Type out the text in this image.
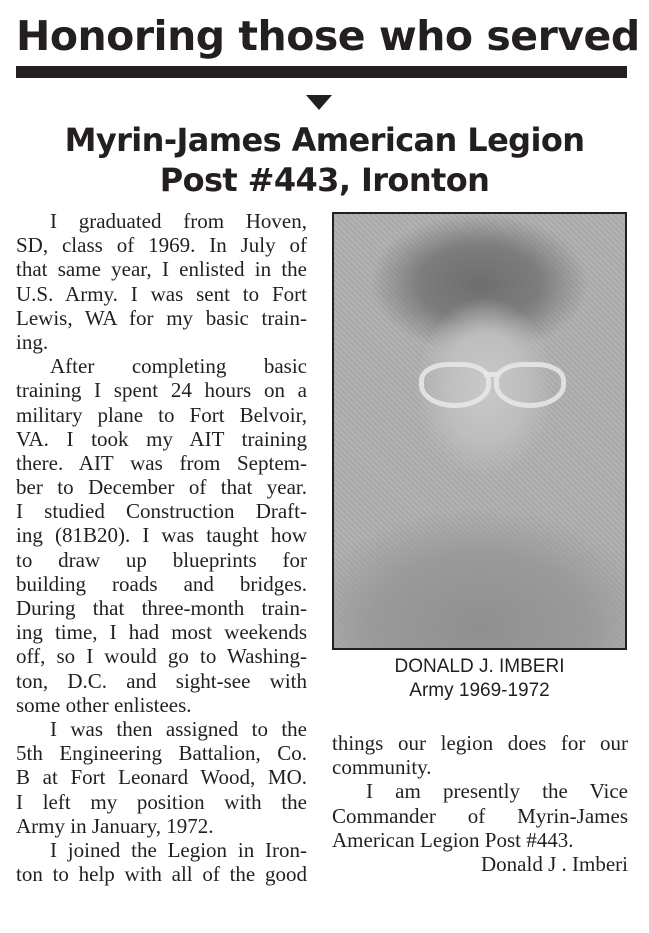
Honoring those who served
Myrin-James American Legion
Post #443, Ironton
I graduated from Hoven,
SD, class of 1969. In July of
that same year, I enlisted in the
U.S. Army. I was sent to Fort
Lewis, WA for my basic train-
ing.
After completing basic
training I spent 24 hours on a
military plane to Fort Belvoir,
VA. I took my AIT training
there. AIT was from Septem-
ber to December of that year.
I studied Construction Draft-
ing (81B20). I was taught how
to draw up blueprints for
building roads and bridges.
During that three-month train-
ing time, I had most weekends
off, so I would go to Washing-
ton, D.C. and sight-see with
some other enlistees.
I was then assigned to the
5th Engineering Battalion, Co.
B at Fort Leonard Wood, MO.
I left my position with the
Army in January, 1972.
I joined the Legion in Iron-
ton to help with all of the good
DONALD J. IMBERI
Army 1969-1972
things our legion does for our
community.
I am presently the Vice
Commander of Myrin-James
American Legion Post #443.
Donald J . Imberi
